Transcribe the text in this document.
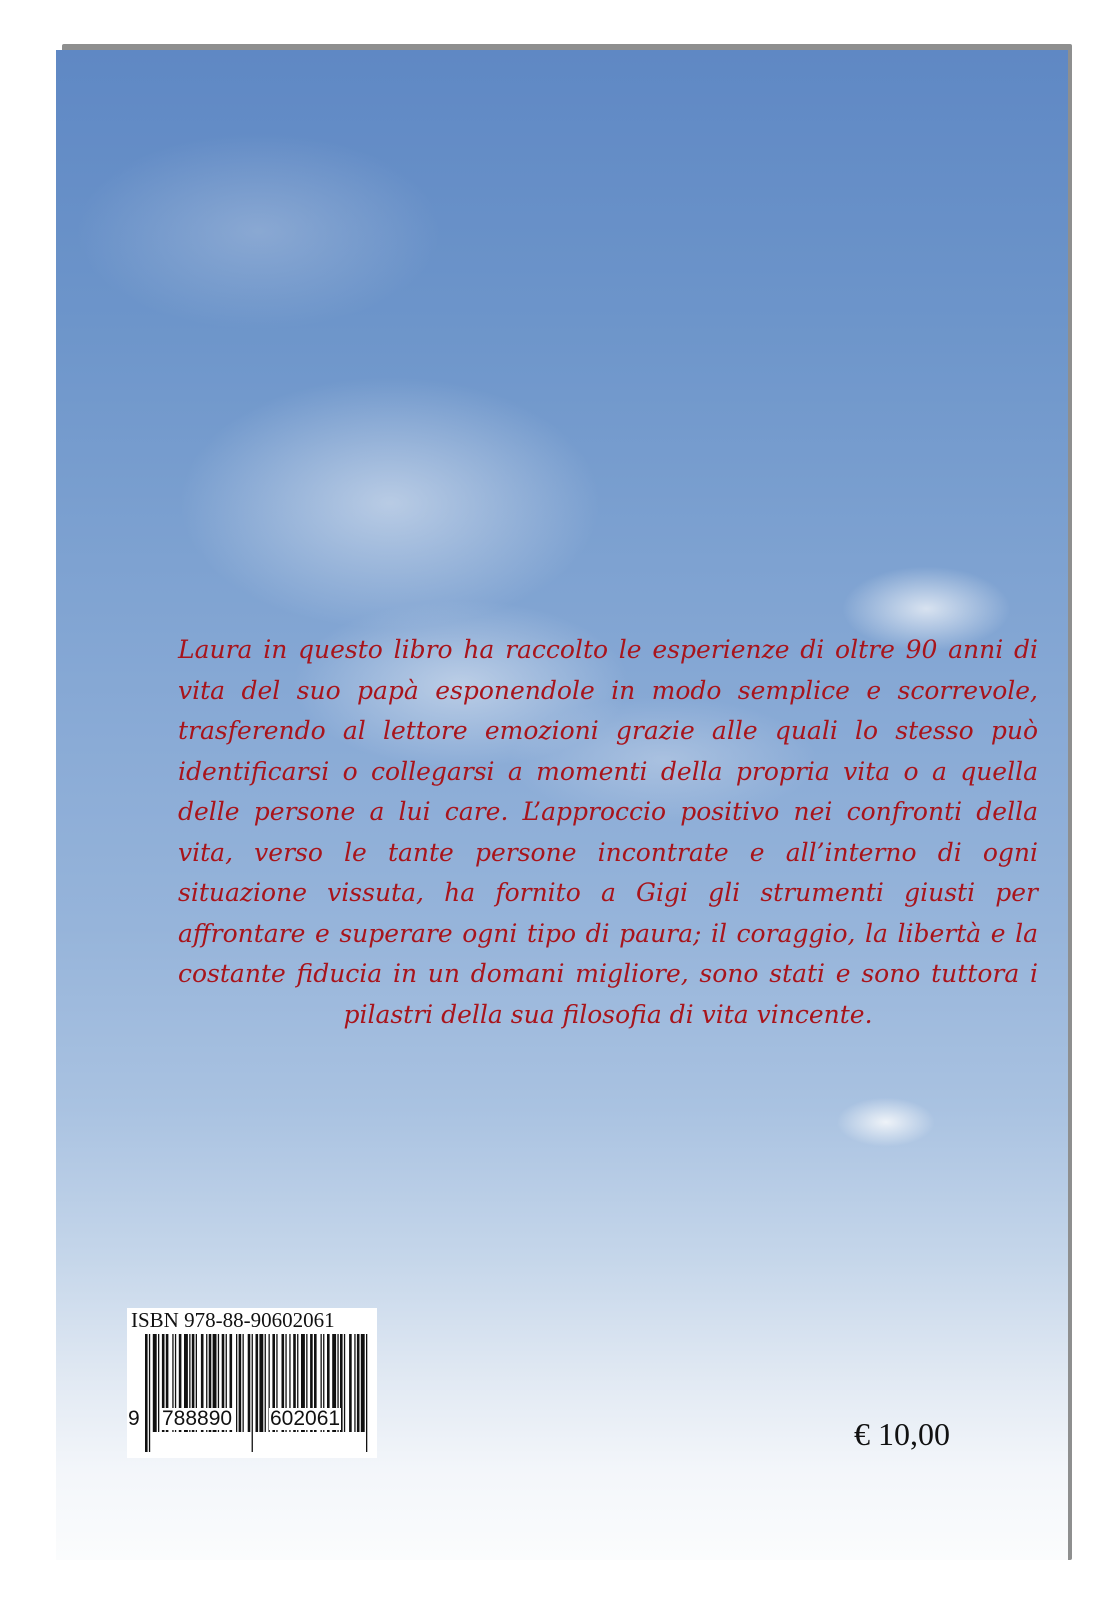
Laura in questo libro ha raccolto le esperienze di oltre 90 anni di vita del suo papà esponendole in modo semplice e scorrevole, trasferendo al lettore emozioni grazie alle quali lo stesso può identificarsi o collegarsi a momenti della propria vita o a quella delle persone a lui care. L’approccio positivo nei confronti della vita, verso le tante persone incontrate e all’interno di ogni situazione vissuta, ha fornito a Gigi gli strumenti giusti per affrontare e superare ogni tipo di paura; il coraggio, la libertà e la costante fiducia in un domani migliore, sono stati e sono tuttora i pilastri della sua filosofia di vita vincente.

ISBN 978-88-90602061
9 788890 602061	€ 10,00
